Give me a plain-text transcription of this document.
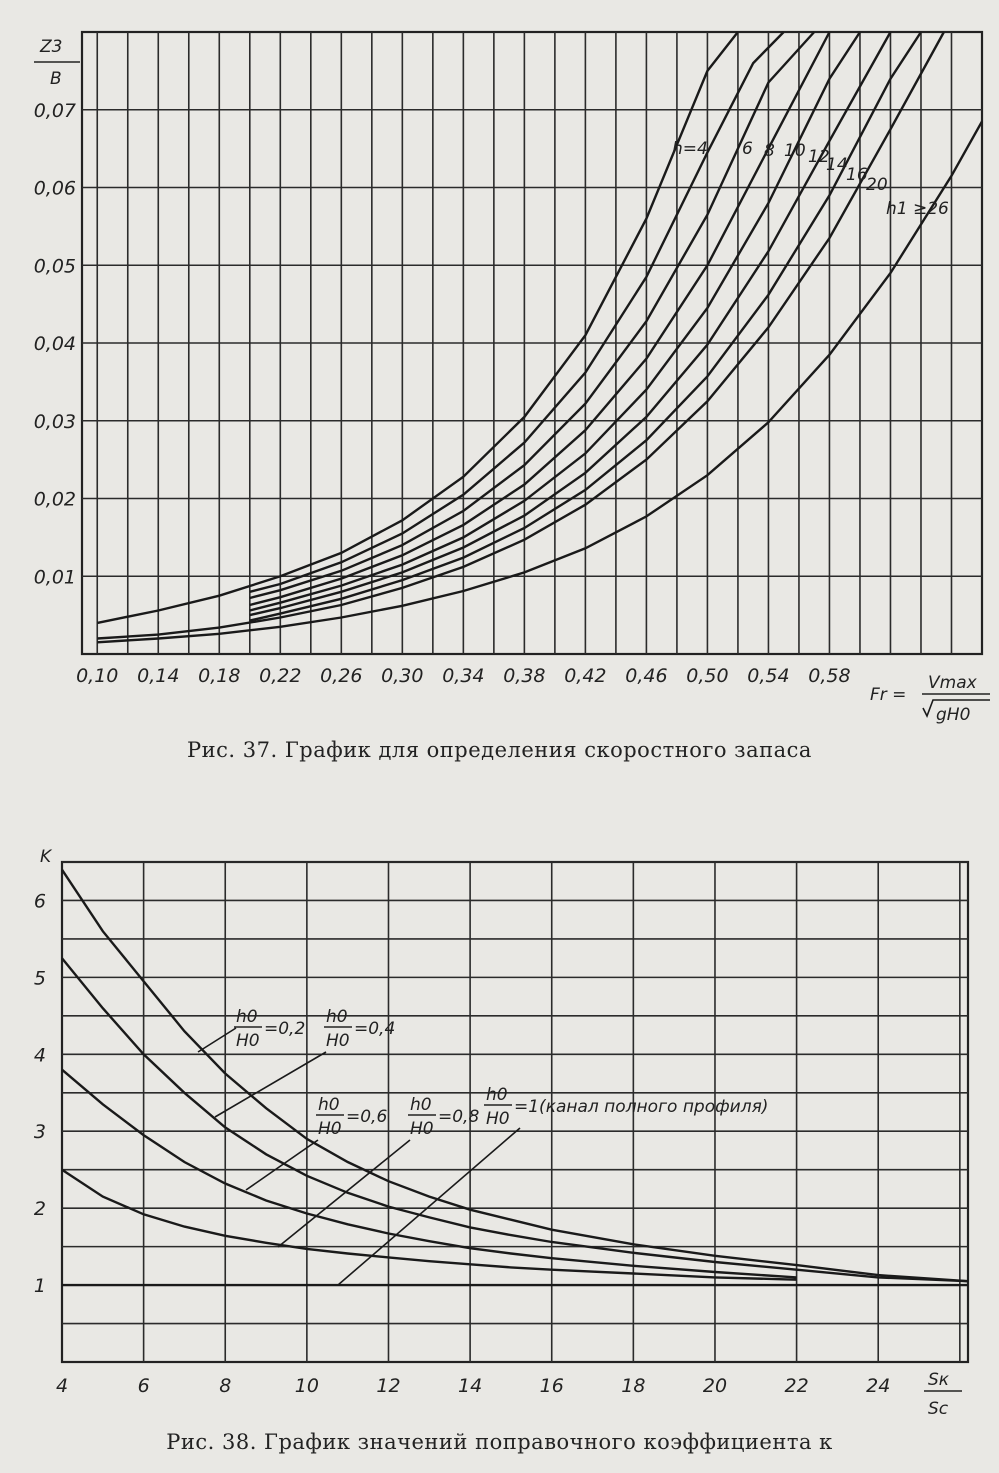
0,01
0,02
0,03
0,04
0,05
0,06
0,07
0,10 0,14 0,18 0,22 0,26 0,30 0,34 0,38 0,42 0,46 0,50 0,54 0,58
h=4 6 8 10 12
14
16
20
h1 ≥26
Z3
B
Fr =
Vmax
gH0
Рис. 37. График для определения скоростного запаса
1
2
3
4
5
6
4	6	8	10	12	14	16	18	20	22	24
h0
H0
=0,2
h0
H0
=0,4
h0
H0
=0,6
h0
H0
=0,8
h0
H0
=1(канал полного профиля)
K
Sк
Sc
Рис. 38. График значений поправочного коэффициента к
